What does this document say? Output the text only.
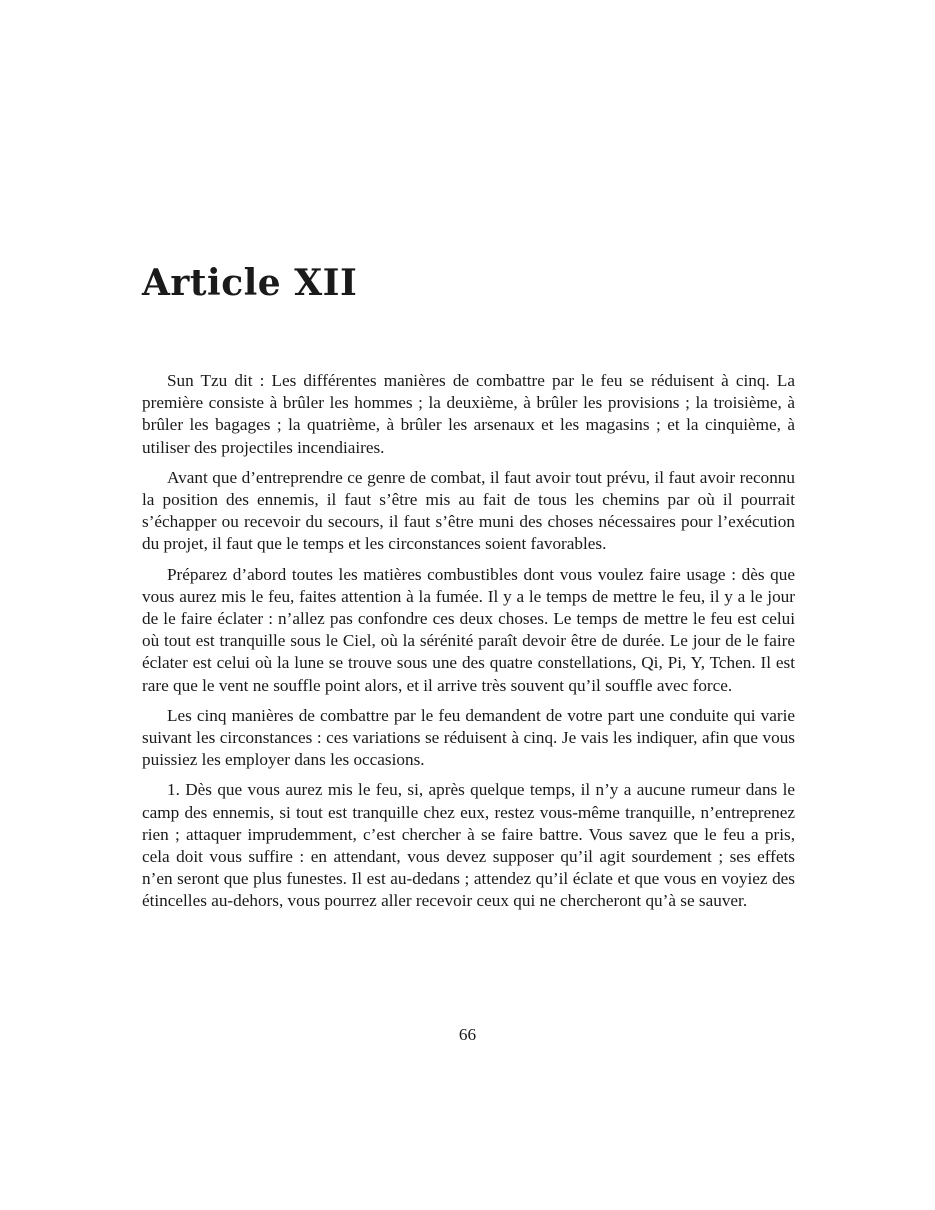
Article XII

Sun Tzu dit : Les différentes manières de combattre par le feu se réduisent à cinq. La première consiste à brûler les hommes ; la deuxième, à brûler les provisions ; la troisième, à brûler les bagages ; la quatrième, à brûler les arsenaux et les magasins ; et la cinquième, à utiliser des projectiles incendiaires.

Avant que d’entreprendre ce genre de combat, il faut avoir tout prévu, il faut avoir reconnu la position des ennemis, il faut s’être mis au fait de tous les chemins par où il pourrait s’échapper ou recevoir du secours, il faut s’être muni des choses nécessaires pour l’exécution du projet, il faut que le temps et les circonstances soient favorables.

Préparez d’abord toutes les matières combustibles dont vous voulez faire usage : dès que vous aurez mis le feu, faites attention à la fumée. Il y a le temps de mettre le feu, il y a le jour de le faire éclater : n’allez pas confondre ces deux choses. Le temps de mettre le feu est celui où tout est tranquille sous le Ciel, où la sérénité paraît devoir être de durée. Le jour de le faire éclater est celui où la lune se trouve sous une des quatre constellations, Qi, Pi, Y, Tchen. Il est rare que le vent ne souffle point alors, et il arrive très souvent qu’il souffle avec force.

Les cinq manières de combattre par le feu demandent de votre part une conduite qui varie suivant les circonstances : ces variations se réduisent à cinq. Je vais les indiquer, afin que vous puissiez les employer dans les occasions.

1. Dès que vous aurez mis le feu, si, après quelque temps, il n’y a aucune rumeur dans le camp des ennemis, si tout est tranquille chez eux, restez vous-même tranquille, n’entreprenez rien ; attaquer imprudemment, c’est chercher à se faire battre. Vous savez que le feu a pris, cela doit vous suffire : en attendant, vous devez supposer qu’il agit sourdement ; ses effets n’en seront que plus funestes. Il est au-dedans ; attendez qu’il éclate et que vous en voyiez des étincelles au-dehors, vous pourrez aller recevoir ceux qui ne chercheront qu’à se sauver.

66
